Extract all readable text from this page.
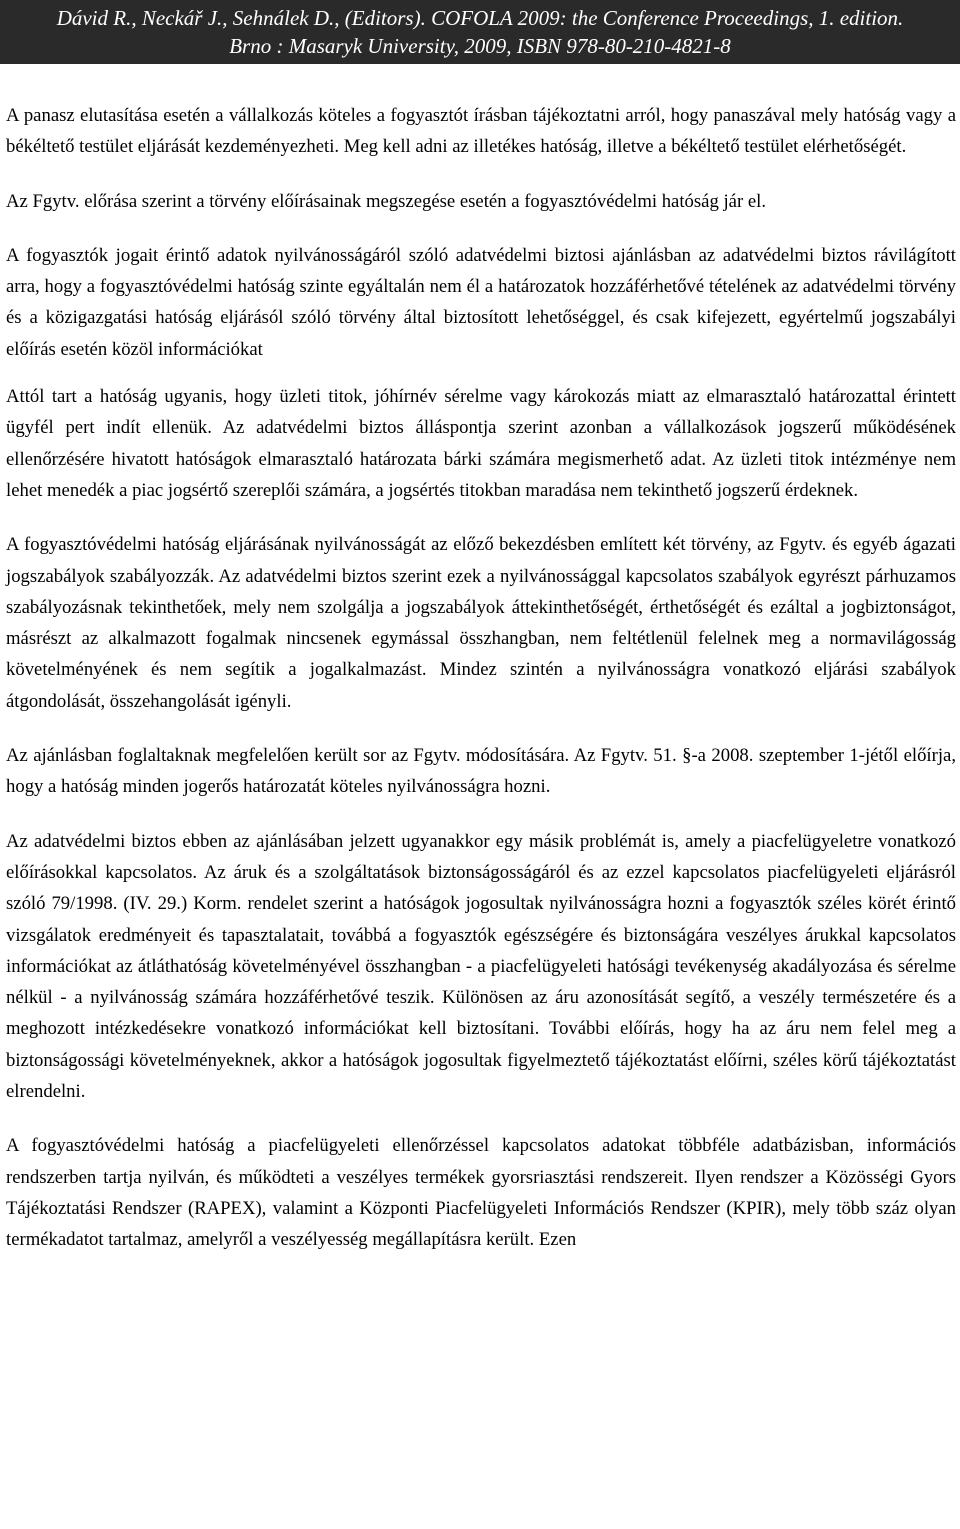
Dávid R., Neckář J., Sehnálek D., (Editors). COFOLA 2009: the Conference Proceedings, 1. edition.
Brno : Masaryk University, 2009, ISBN 978-80-210-4821-8

A panasz elutasítása esetén a vállalkozás köteles a fogyasztót írásban tájékoztatni arról, hogy panaszával mely hatóság vagy a békéltető testület eljárását kezdeményezheti. Meg kell adni az illetékes hatóság, illetve a békéltető testület elérhetőségét.

Az Fgytv. előrása szerint a törvény előírásainak megszegése esetén a fogyasztóvédelmi hatóság jár el.

A fogyasztók jogait érintő adatok nyilvánosságáról szóló adatvédelmi biztosi ajánlásban az adatvédelmi biztos rávilágított arra, hogy a fogyasztóvédelmi hatóság szinte egyáltalán nem él a határozatok hozzáférhetővé tételének az adatvédelmi törvény és a közigazgatási hatóság eljárásól szóló törvény által biztosított lehetőséggel, és csak kifejezett, egyértelmű jogszabályi előírás esetén közöl információkat

Attól tart a hatóság ugyanis, hogy üzleti titok, jóhírnév sérelme vagy károkozás miatt az elmarasztaló határozattal érintett ügyfél pert indít ellenük. Az adatvédelmi biztos álláspontja szerint azonban a vállalkozások jogszerű működésének ellenőrzésére hivatott hatóságok elmarasztaló határozata bárki számára megismerhető adat. Az üzleti titok intézménye nem lehet menedék a piac jogsértő szereplői számára, a jogsértés titokban maradása nem tekinthető jogszerű érdeknek.

A fogyasztóvédelmi hatóság eljárásának nyilvánosságát az előző bekezdésben említett két törvény, az Fgytv. és egyéb ágazati jogszabályok szabályozzák. Az adatvédelmi biztos szerint ezek a nyilvánossággal kapcsolatos szabályok egyrészt párhuzamos szabályozásnak tekinthetőek, mely nem szolgálja a jogszabályok áttekinthetőségét, érthetőségét és ezáltal a jogbiztonságot, másrészt az alkalmazott fogalmak nincsenek egymással összhangban, nem feltétlenül felelnek meg a normavilágosság követelményének és nem segítik a jogalkalmazást. Mindez szintén a nyilvánosságra vonatkozó eljárási szabályok átgondolását, összehangolását igényli.

Az ajánlásban foglaltaknak megfelelően került sor az Fgytv. módosítására. Az Fgytv. 51. §-a 2008. szeptember 1-jétől előírja, hogy a hatóság minden jogerős határozatát köteles nyilvánosságra hozni.

Az adatvédelmi biztos ebben az ajánlásában jelzett ugyanakkor egy másik problémát is, amely a piacfelügyeletre vonatkozó előírásokkal kapcsolatos. Az áruk és a szolgáltatások biztonságosságáról és az ezzel kapcsolatos piacfelügyeleti eljárásról szóló 79/1998. (IV. 29.) Korm. rendelet szerint a hatóságok jogosultak nyilvánosságra hozni a fogyasztók széles körét érintő vizsgálatok eredményeit és tapasztalatait, továbbá a fogyasztók egészségére és biztonságára veszélyes árukkal kapcsolatos információkat az átláthatóság követelményével összhangban - a piacfelügyeleti hatósági tevékenység akadályozása és sérelme nélkül - a nyilvánosság számára hozzáférhetővé teszik. Különösen az áru azonosítását segítő, a veszély természetére és a meghozott intézkedésekre vonatkozó információkat kell biztosítani. További előírás, hogy ha az áru nem felel meg a biztonságossági követelményeknek, akkor a hatóságok jogosultak figyelmeztető tájékoztatást előírni, széles körű tájékoztatást elrendelni.

A fogyasztóvédelmi hatóság a piacfelügyeleti ellenőrzéssel kapcsolatos adatokat többféle adatbázisban, információs rendszerben tartja nyilván, és működteti a veszélyes termékek gyorsriasztási rendszereit. Ilyen rendszer a Közösségi Gyors Tájékoztatási Rendszer (RAPEX), valamint a Központi Piacfelügyeleti Információs Rendszer (KPIR), mely több száz olyan termékadatot tartalmaz, amelyről a veszélyesség megállapításra került. Ezen
